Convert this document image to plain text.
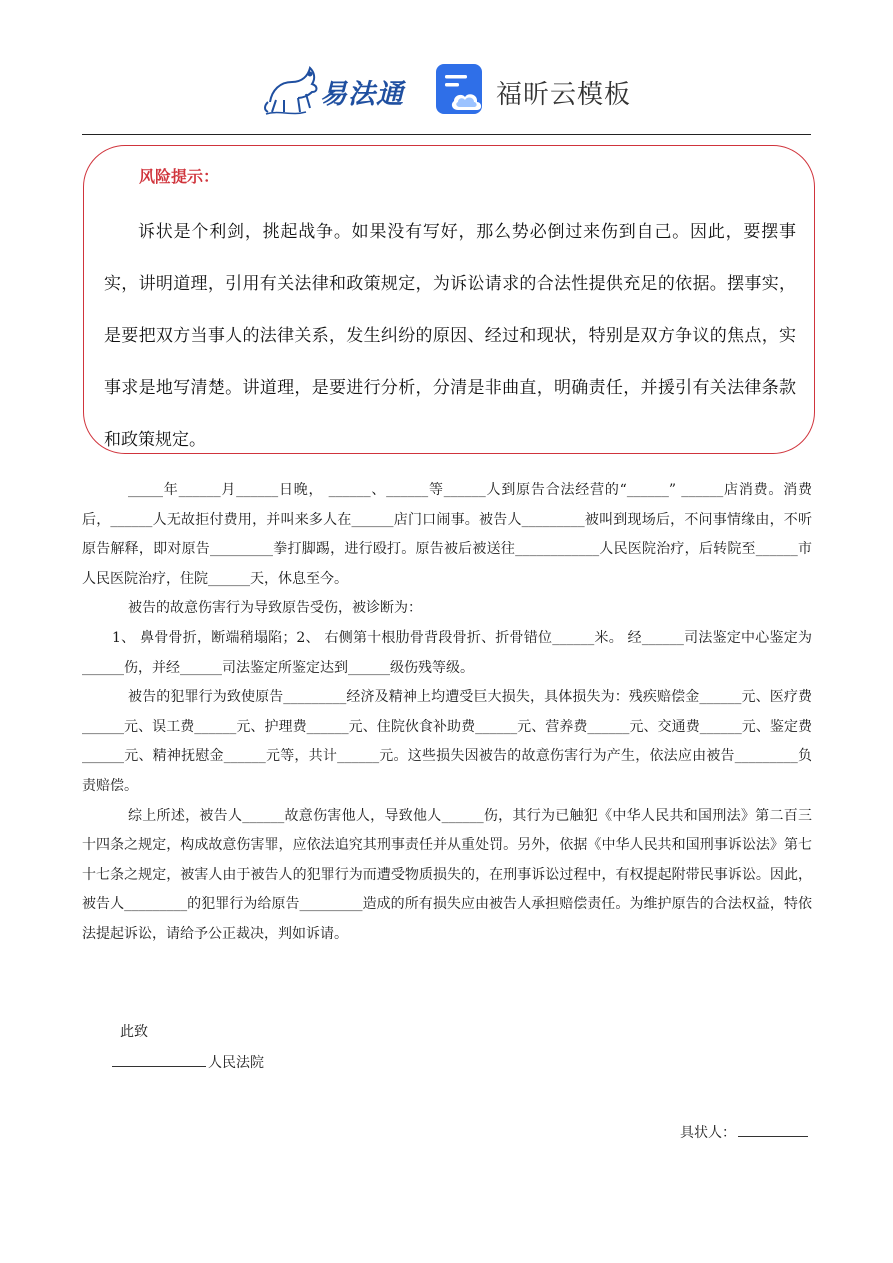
易法通	福昕云模板
风险提示：

诉状是个利剑，挑起战争。如果没有写好，那么势必倒过来伤到自己。因此，要摆事实，讲明道理，引用有关法律和政策规定，为诉讼请求的合法性提供充足的依据。摆事实，是要把双方当事人的法律关系，发生纠纷的原因、经过和现状，特别是双方争议的焦点，实事求是地写清楚。讲道理，是要进行分析，分清是非曲直，明确责任，并援引有关法律条款和政策规定。

_____年______月______日晚， ______、______等______人到原告合法经营的“______” ______店消费。消费后，______人无故拒付费用，并叫来多人在______店门口闹事。被告人_________被叫到现场后，不问事情缘由，不听原告解释，即对原告_________拳打脚踢，进行殴打。原告被后被送往____________人民医院治疗，后转院至______市人民医院治疗，住院______天，休息至今。

被告的故意伤害行为导致原告受伤，被诊断为：

1、 鼻骨骨折，断端稍塌陷；2、 右侧第十根肋骨背段骨折、折骨错位______米。 经______司法鉴定中心鉴定为______伤，并经______司法鉴定所鉴定达到______级伤残等级。

被告的犯罪行为致使原告_________经济及精神上均遭受巨大损失，具体损失为：残疾赔偿金______元、医疗费______元、误工费______元、护理费______元、住院伙食补助费______元、营养费______元、交通费______元、鉴定费______元、精神抚慰金______元等，共计______元。这些损失因被告的故意伤害行为产生，依法应由被告_________负责赔偿。

综上所述，被告人______故意伤害他人，导致他人______伤，其行为已触犯《中华人民共和国刑法》第二百三十四条之规定，构成故意伤害罪，应依法追究其刑事责任并从重处罚。另外，依据《中华人民共和国刑事诉讼法》第七十七条之规定，被害人由于被告人的犯罪行为而遭受物质损失的，在刑事诉讼过程中，有权提起附带民事诉讼。因此，被告人_________的犯罪行为给原告_________造成的所有损失应由被告人承担赔偿责任。为维护原告的合法权益，特依法提起诉讼，请给予公正裁决，判如诉请。

此致
人民法院
具状人：
